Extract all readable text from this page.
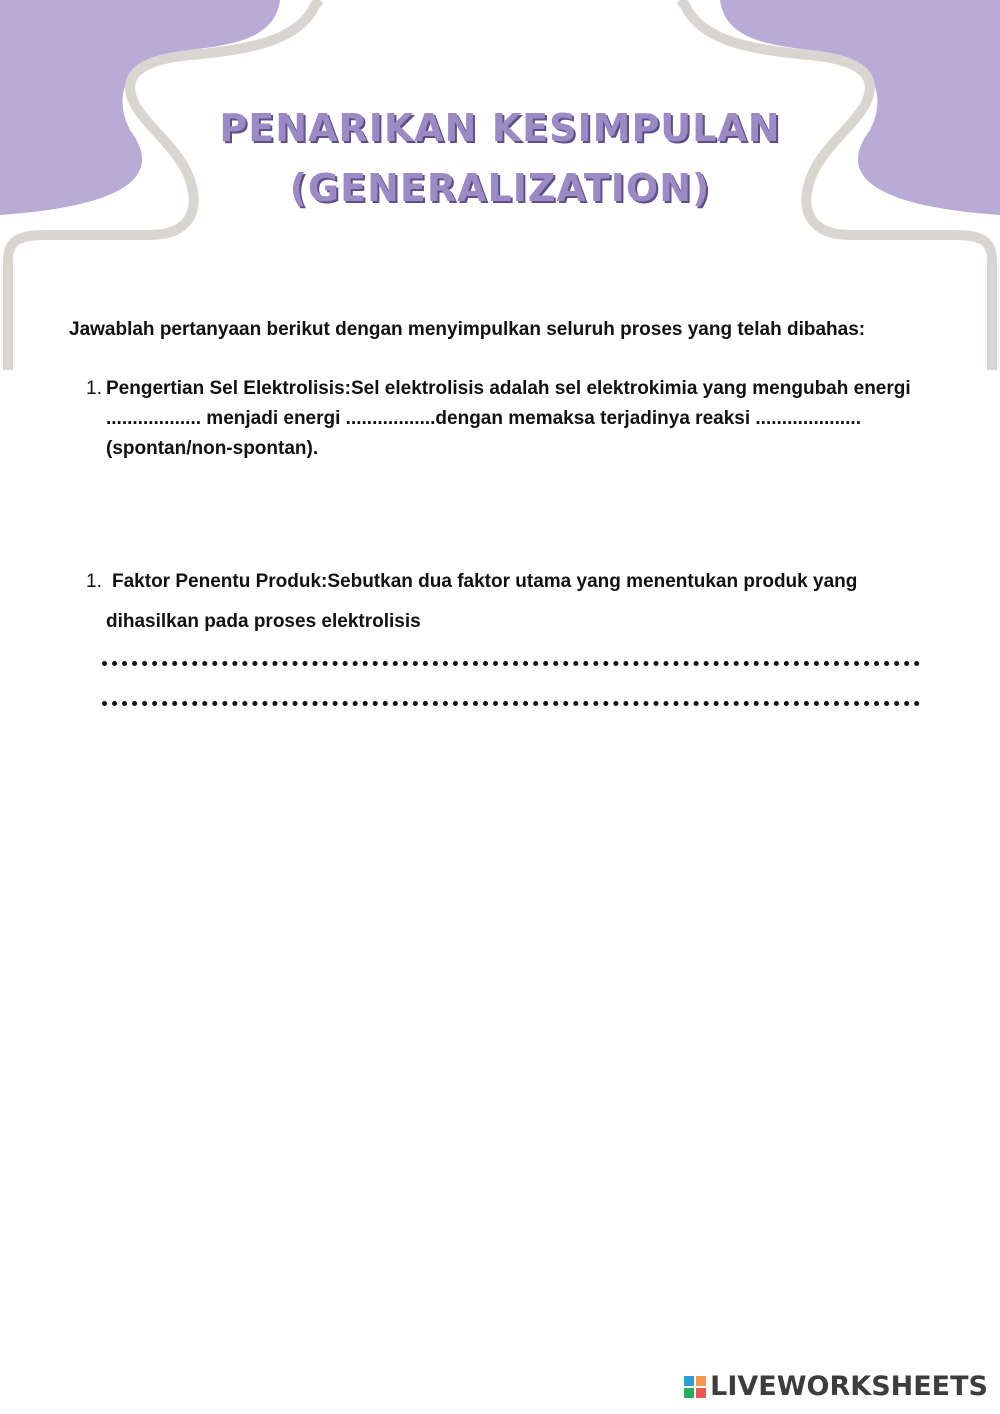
PENARIKAN KESIMPULAN
(GENERALIZATION)
Jawablah pertanyaan berikut dengan menyimpulkan seluruh proses yang telah dibahas:
1. Pengertian Sel Elektrolisis:Sel elektrolisis adalah sel elektrokimia yang mengubah energi .................. menjadi energi .................dengan memaksa terjadinya reaksi .................... (spontan/non-spontan).
1. Faktor Penentu Produk:Sebutkan dua faktor utama yang menentukan produk yang
dihasilkan pada proses elektrolisis
LIVEWORKSHEETS
